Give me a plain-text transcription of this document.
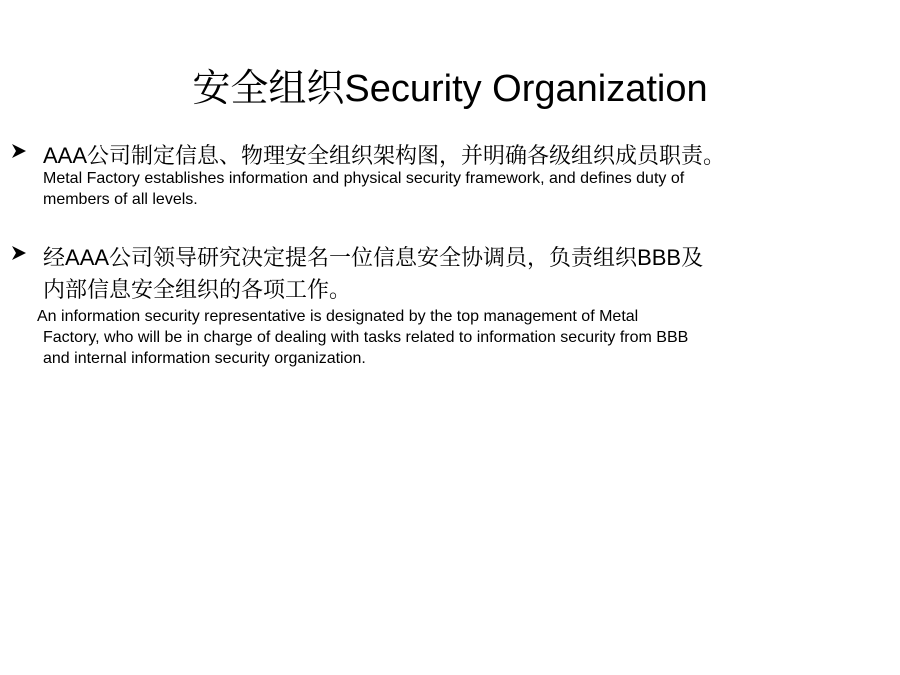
安全组织Security Organization
AAA公司制定信息、物理安全组织架构图，并明确各级组织成员职责。
Metal Factory establishes information and physical security framework, and defines duty of
members of all levels.
经AAA公司领导研究决定提名一位信息安全协调员，负责组织BBB及
内部信息安全组织的各项工作。
An information security representative is designated by the top management of Metal
Factory, who will be in charge of dealing with tasks related to information security from BBB
and internal information security organization.
